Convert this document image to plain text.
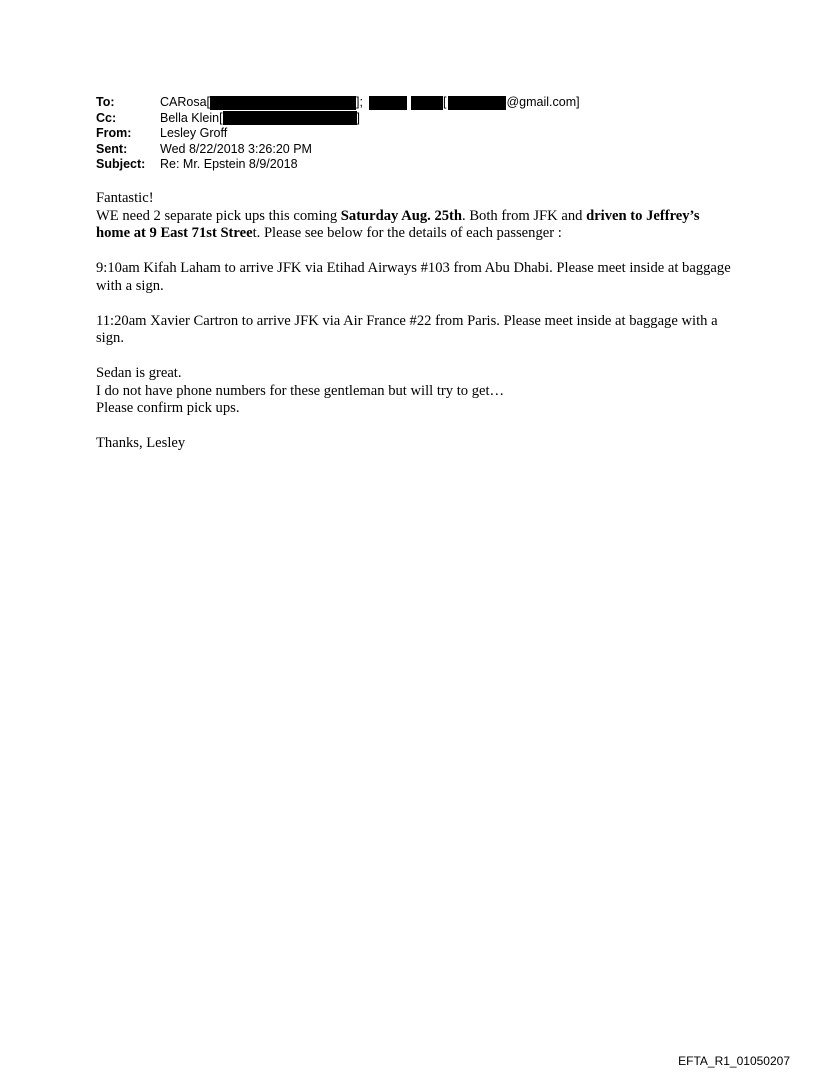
To:	CARosa[	];	[	@gmail.com]
Cc:	Bella Klein[	]
From:	Lesley Groff
Sent:	Wed 8/22/2018 3:26:20 PM
Subject:	Re: Mr. Epstein 8/9/2018

Fantastic!

WE need 2 separate pick ups this coming Saturday Aug. 25th. Both from JFK and driven to Jeffrey’s home at 9 East 71st Street. Please see below for the details of each passenger :

9:10am Kifah Laham to arrive JFK via Etihad Airways #103 from Abu Dhabi. Please meet inside at baggage with a sign.

11:20am Xavier Cartron to arrive JFK via Air France #22 from Paris. Please meet inside at baggage with a sign.

Sedan is great.

I do not have phone numbers for these gentleman but will try to get…

Please confirm pick ups.

Thanks, Lesley

EFTA_R1_01050207
